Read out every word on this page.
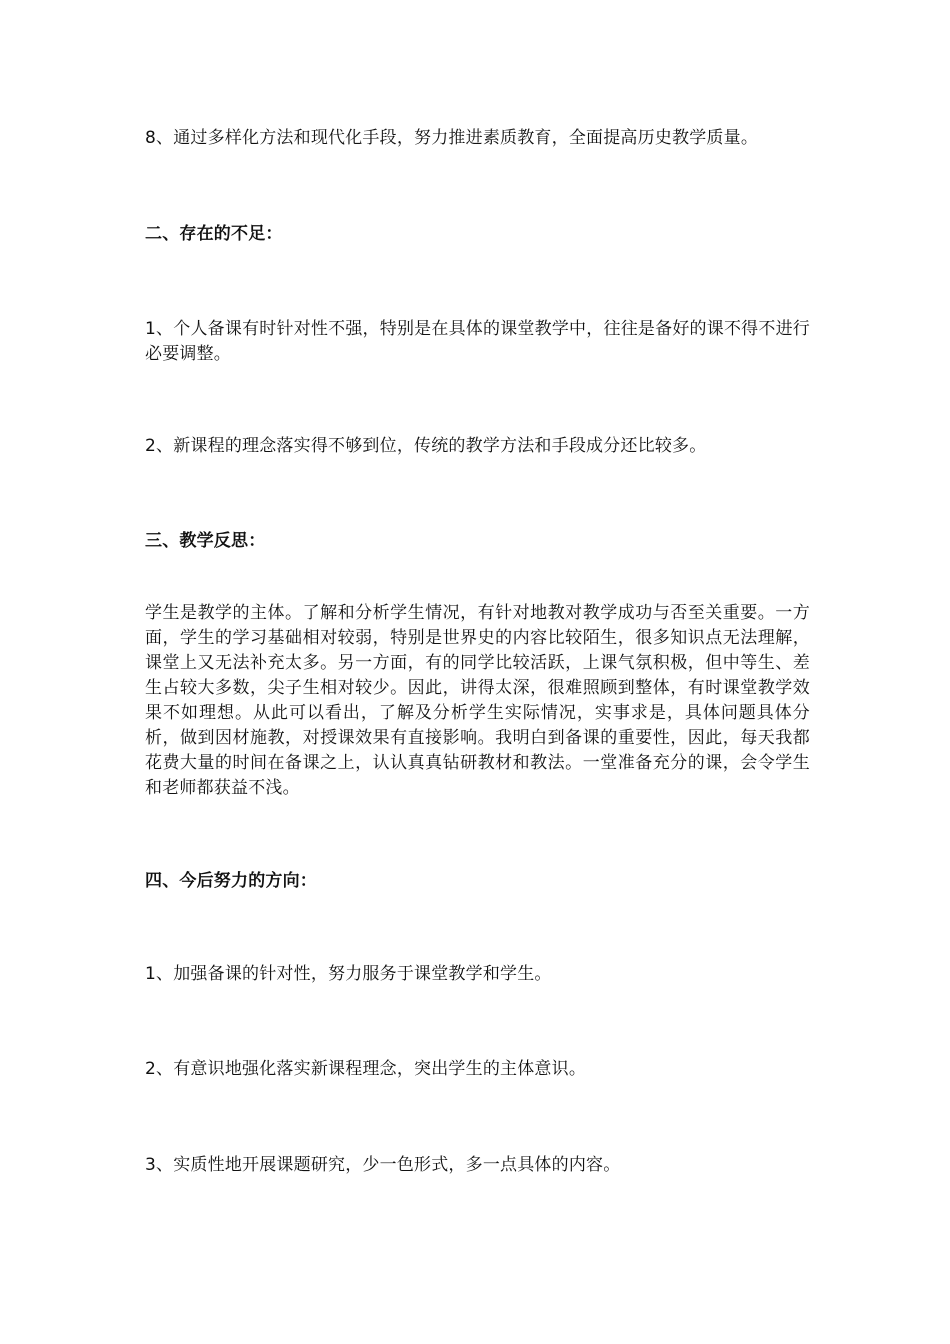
8、通过多样化方法和现代化手段，努力推进素质教育，全面提高历史教学质量。

二、存在的不足：

1、个人备课有时针对性不强，特别是在具体的课堂教学中，往往是备好的课不得不进行必要调整。

2、新课程的理念落实得不够到位，传统的教学方法和手段成分还比较多。

三、教学反思：

学生是教学的主体。了解和分析学生情况，有针对地教对教学成功与否至关重要。一方面，学生的学习基础相对较弱，特别是世界史的内容比较陌生，很多知识点无法理解，课堂上又无法补充太多。另一方面，有的同学比较活跃，上课气氛积极，但中等生、差生占较大多数，尖子生相对较少。因此，讲得太深，很难照顾到整体，有时课堂教学效果不如理想。从此可以看出，了解及分析学生实际情况，实事求是，具体问题具体分析，做到因材施教，对授课效果有直接影响。我明白到备课的重要性，因此，每天我都花费大量的时间在备课之上，认认真真钻研教材和教法。一堂准备充分的课，会令学生和老师都获益不浅。

四、今后努力的方向：

1、加强备课的针对性，努力服务于课堂教学和学生。

2、有意识地强化落实新课程理念，突出学生的主体意识。

3、实质性地开展课题研究，少一色形式，多一点具体的内容。
